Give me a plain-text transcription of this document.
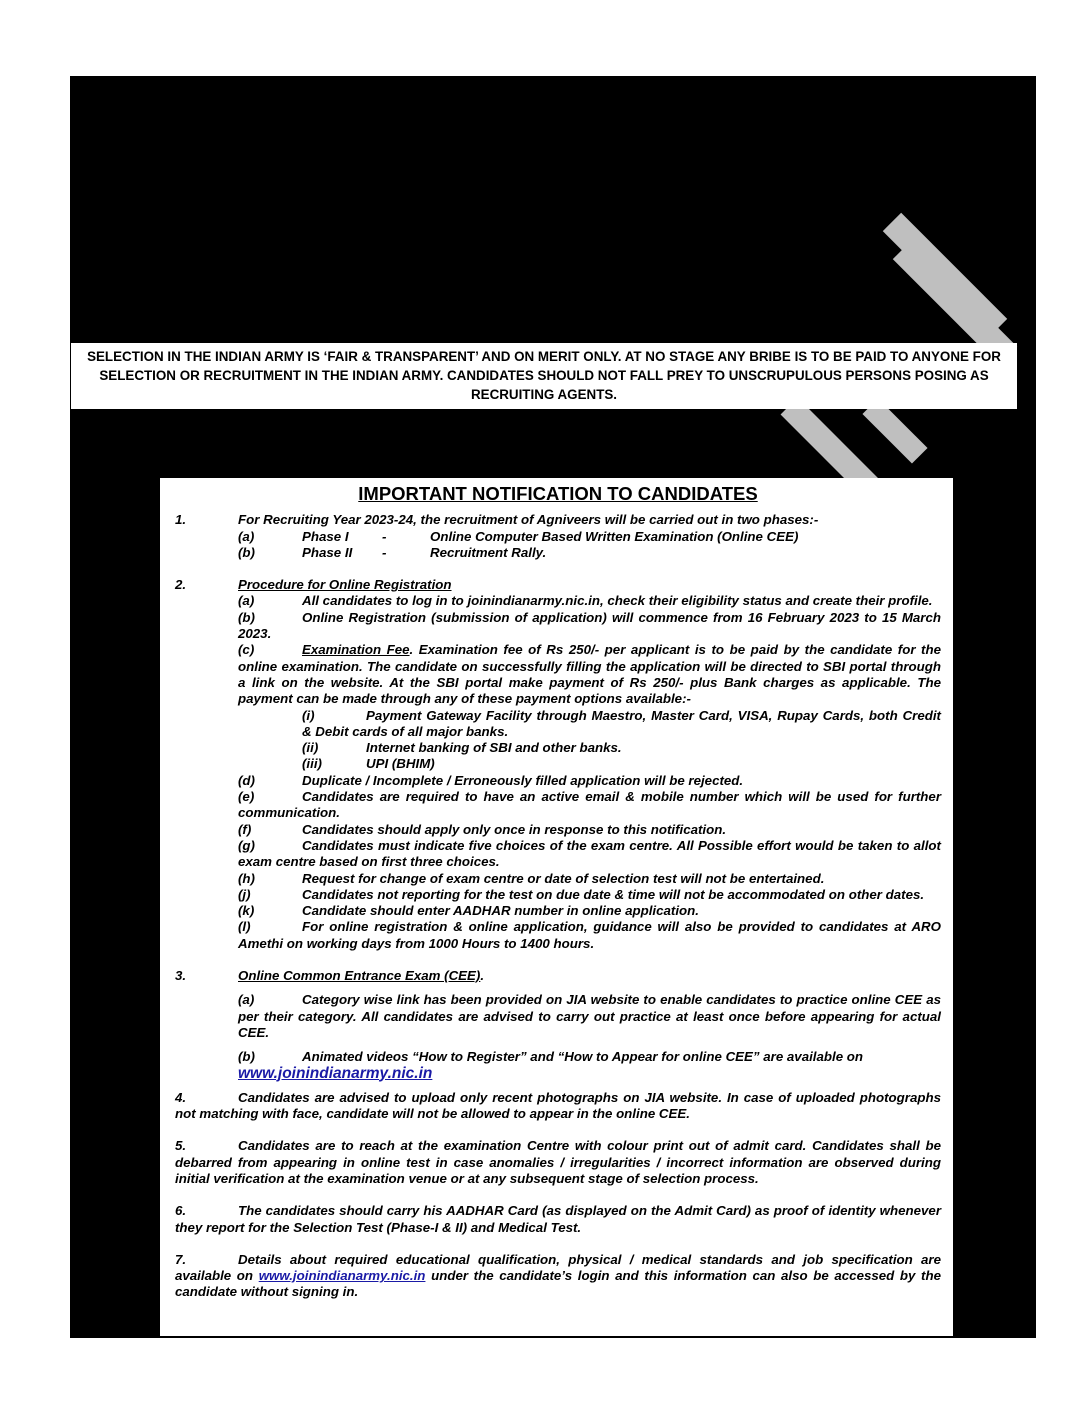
SELECTION IN THE INDIAN ARMY IS ‘FAIR & TRANSPARENT’ AND ON MERIT ONLY. AT NO STAGE ANY BRIBE IS TO BE PAID TO ANYONE FOR SELECTION OR RECRUITMENT IN THE INDIAN ARMY. CANDIDATES SHOULD NOT FALL PREY TO UNSCRUPULOUS PERSONS POSING AS RECRUITING AGENTS.
IMPORTANT NOTIFICATION TO CANDIDATES
1.	For Recruiting Year 2023-24, the recruitment of Agniveers will be carried out in two phases:-
(a)	Phase I	-	Online Computer Based Written Examination (Online CEE)
(b)	Phase II -	Recruitment Rally.
2.	Procedure for Online Registration
(a)	All candidates to log in to joinindianarmy.nic.in, check their eligibility status and create their profile.
(b)	Online Registration (submission of application) will commence from 16 February 2023 to 15 March 2023.
(c)	Examination Fee. Examination fee of Rs 250/- per applicant is to be paid by the candidate for the online examination. The candidate on successfully filling the application will be directed to SBI portal through a link on the website. At the SBI portal make payment of Rs 250/- plus Bank charges as applicable. The payment can be made through any of these payment options available:-
(i)	Payment Gateway Facility through Maestro, Master Card, VISA, Rupay Cards, both Credit & Debit cards of all major banks.
(ii)	Internet banking of SBI and other banks.
(iii)	UPI (BHIM)
(d)	Duplicate / Incomplete / Erroneously filled application will be rejected.
(e)	Candidates are required to have an active email & mobile number which will be used for further communication.
(f)	Candidates should apply only once in response to this notification.
(g)	Candidates must indicate five choices of the exam centre. All Possible effort would be taken to allot exam centre based on first three choices.
(h)	Request for change of exam centre or date of selection test will not be entertained.
(j)	Candidates not reporting for the test on due date & time will not be accommodated on other dates.
(k)	Candidate should enter AADHAR number in online application.
(l)	For online registration & online application, guidance will also be provided to candidates at ARO Amethi on working days from 1000 Hours to 1400 hours.
3.	Online Common Entrance Exam (CEE).
(a)	Category wise link has been provided on JIA website to enable candidates to practice online CEE as per their category. All candidates are advised to carry out practice at least once before appearing for actual CEE.
(b)	Animated videos “How to Register” and “How to Appear for online CEE” are available on
www.joinindianarmy.nic.in
4.	Candidates are advised to upload only recent photographs on JIA website. In case of uploaded photographs not matching with face, candidate will not be allowed to appear in the online CEE.
5.	Candidates are to reach at the examination Centre with colour print out of admit card. Candidates shall be debarred from appearing in online test in case anomalies / irregularities / incorrect information are observed during initial verification at the examination venue or at any subsequent stage of selection process.
6.	The candidates should carry his AADHAR Card (as displayed on the Admit Card) as proof of identity whenever they report for the Selection Test (Phase-I & II) and Medical Test.
7.	Details about required educational qualification, physical / medical standards and job specification are available on www.joinindianarmy.nic.in under the candidate’s login and this information can also be accessed by the candidate without signing in.
